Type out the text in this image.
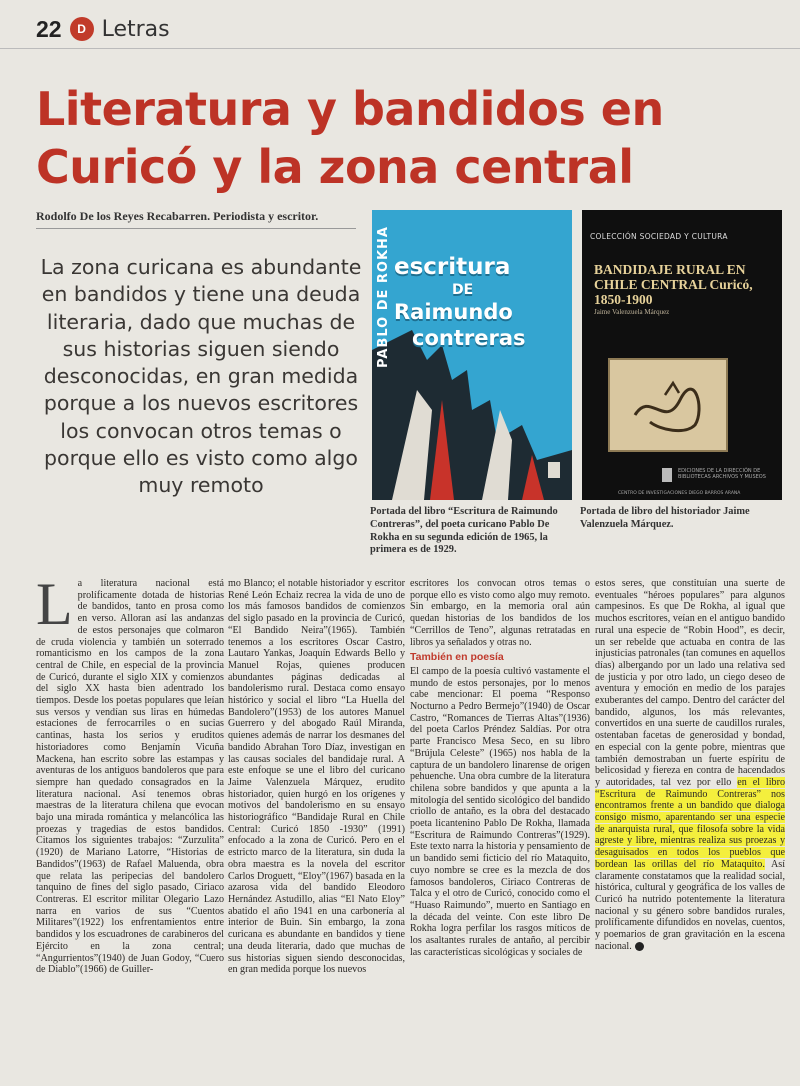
22	D Letras
Literatura y bandidos en Curicó y la zona central
Rodolfo De los Reyes Recabarren. Periodista y escritor.
La zona curicana es abundante en bandidos y tiene una deuda literaria, dado que muchas de sus historias siguen siendo desconocidas, en gran medida porque a los nuevos escritores los convocan otros temas o porque ello es visto como algo muy remoto
PABLO DE ROKHA escritura
DE
Raimundo
contreras
COLECCIÓN SOCIEDAD Y CULTURA
BANDIDAJE RURAL EN CHILE CENTRAL Curicó, 1850-1900
Jaime Valenzuela Márquez
EDICIONES DE LA DIRECCIÓN DE BIBLIOTECAS ARCHIVOS Y MUSEOS
CENTRO DE INVESTIGACIONES DIEGO BARROS ARANA
Portada del libro “Escritura de Raimundo Contreras”, del poeta curicano Pablo De Rokha en su segunda edición de 1965, la primera es de 1929.
Portada de libro del historiador Jaime Valenzuela Márquez.
La literatura nacional está prolíficamente dotada de historias de bandidos, tanto en prosa como en verso. Alloran así las andanzas de estos personajes que colmaron de cruda violencia y también un soterrado romanticismo en los campos de la zona central de Chile, en especial de la provincia de Curicó, durante el siglo XIX y comienzos del siglo XX hasta bien adentrado los tiempos. Desde los poetas populares que leían sus versos y vendían sus liras en húmedas estaciones de ferrocarriles o en sucias cantinas, hasta los serios y eruditos historiadores como Benjamín Vicuña Mackena, han escrito sobre las estampas y aventuras de los antiguos bandoleros que para siempre han quedado consagrados en la literatura nacional. Así tenemos obras maestras de la literatura chilena que evocan bajo una mirada romántica y melancólica las proezas y tragedias de estos bandidos. Citamos los siguientes trabajos: “Zurzulita” (1920) de Mariano Latorre, “Historias de Bandidos”(1963) de Rafael Maluenda, obra que relata las peripecias del bandolero tanquino de fines del siglo pasado, Ciriaco Contreras. El escritor militar Olegario Lazo narra en varios de sus “Cuentos Militares”(1922) los enfrentamientos entre bandidos y los escuadrones de carabineros del Ejército en la zona central; “Angurrientos”(1940) de Juan Godoy, “Cuero de Diablo”(1966) de Guiller-
mo Blanco; el notable historiador y escritor René León Echaiz recrea la vida de uno de los más famosos bandidos de comienzos del siglo pasado en la provincia de Curicó, “El Bandido Neira”(1965). También tenemos a los escritores Oscar Castro, Lautaro Yankas, Joaquín Edwards Bello y Manuel Rojas, quienes producen abundantes páginas dedicadas al bandolerismo rural. Destaca como ensayo histórico y social el libro “La Huella del Bandolero”(1953) de los autores Manuel Guerrero y del abogado Raúl Miranda, quienes además de narrar los desmanes del bandido Abrahan Toro Díaz, investigan en las causas sociales del bandidaje rural. A este enfoque se une el libro del curicano Jaime Valenzuela Márquez, erudito historiador, quien hurgó en los orígenes y motivos del bandolerismo en su ensayo historiográfico “Bandidaje Rural en Chile Central: Curicó 1850 -1930” (1991) enfocado a la zona de Curicó. Pero en el estricto marco de la literatura, sin duda la obra maestra es la novela del escritor Carlos Droguett, “Eloy”(1967) basada en la azarosa vida del bandido Eleodoro Hernández Astudillo, alias “El Nato Eloy” abatido el año 1941 en una carbonería al interior de Buin. Sin embargo, la zona curicana es abundante en bandidos y tiene una deuda literaria, dado que muchas de sus historias siguen siendo desconocidas, en gran medida porque los nuevos

escritores los convocan otros temas o porque ello es visto como algo muy remoto. Sin embargo, en la memoria oral aún quedan historias de los bandidos de los “Cerrillos de Teno”, algunas retratadas en libros ya señalados y otras no.

También en poesía

El campo de la poesía cultivó vastamente el mundo de estos personajes, por lo menos cabe mencionar: El poema “Responso Nocturno a Pedro Bermejo”(1940) de Oscar Castro, “Romances de Tierras Altas”(1936) del poeta Carlos Préndez Saldías. Por otra parte Francisco Mesa Seco, en su libro “Brújula Celeste” (1965) nos habla de la captura de un bandolero linarense de origen pehuenche. Una obra cumbre de la literatura chilena sobre bandidos y que apunta a la mitología del sentido sicológico del bandido criollo de antaño, es la obra del destacado poeta licantenino Pablo De Rokha, llamada “Escritura de Raimundo Contreras”(1929). Este texto narra la historia y pensamiento de un bandido semi ficticio del río Mataquito, cuyo nombre se cree es la mezcla de dos famosos bandoleros, Ciriaco Contreras de Talca y el otro de Curicó, conocido como el “Huaso Raimundo”, muerto en Santiago en la década del veinte. Con este libro De Rokha logra perfilar los rasgos míticos de los asaltantes rurales de antaño, al percibir las características sicológicas y sociales de

estos seres, que constituían una suerte de eventuales “héroes populares” para algunos campesinos. Es que De Rokha, al igual que muchos escritores, veían en el antiguo bandido rural una especie de “Robin Hood”, es decir, un ser rebelde que actuaba en contra de las injusticias patronales (tan comunes en aquellos días) albergando por un lado una relativa sed de justicia y por otro lado, un ciego deseo de aventura y emoción en medio de los parajes exuberantes del campo. Dentro del carácter del bandido, algunos, los más relevantes, convertidos en una suerte de caudillos rurales, ostentaban facetas de generosidad y bondad, en especial con la gente pobre, mientras que también demostraban un fuerte espíritu de belicosidad y fiereza en contra de hacendados y autoridades, tal vez por ello en el libro “Escritura de Raimundo Contreras” nos encontramos frente a un bandido que dialoga consigo mismo, aparentando ser una especie de anarquista rural, que filosofa sobre la vida agreste y libre, mientras realiza sus proezas y desaguisados en todos los pueblos que bordean las orillas del río Mataquito. Así claramente constatamos que la realidad social, histórica, cultural y geográfica de los valles de Curicó ha nutrido potentemente la literatura nacional y su género sobre bandidos rurales, prolíficamente difundidos en novelas, cuentos, y poemarios de gran gravitación en la escena nacional.
